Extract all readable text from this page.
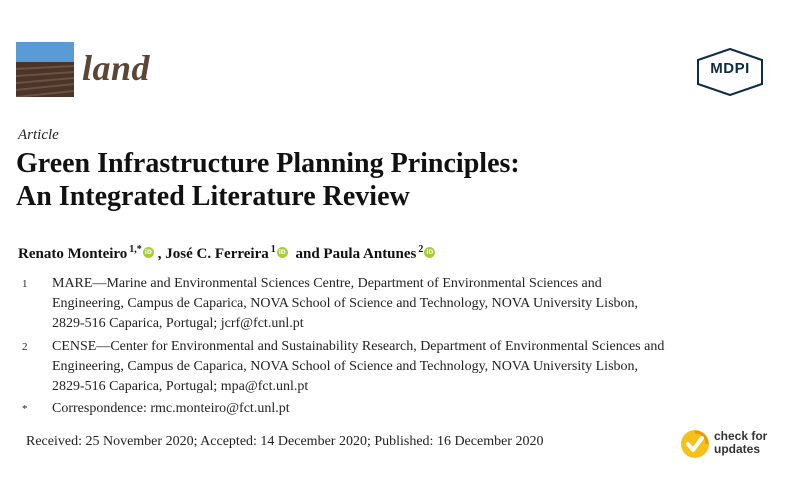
land	MDPI
Article
Green Infrastructure Planning Principles:
An Integrated Literature Review
Renato Monteiro $^{1,*}$ iD , José C. Ferreira $^1$ iD and Paula Antunes $^2$ iD
1 MARE—Marine and Environmental Sciences Centre, Department of Environmental Sciences and
Engineering, Campus de Caparica, NOVA School of Science and Technology, NOVA University Lisbon,
2829-516 Caparica, Portugal; jcrf@fct.unl.pt
2 CENSE—Center for Environmental and Sustainability Research, Department of Environmental Sciences and
Engineering, Campus de Caparica, NOVA School of Science and Technology, NOVA University Lisbon,
2829-516 Caparica, Portugal; mpa@fct.unl.pt
* Correspondence: rmc.monteiro@fct.unl.pt
Received: 25 November 2020; Accepted: 14 December 2020; Published: 16 December 2020	check for
updates
